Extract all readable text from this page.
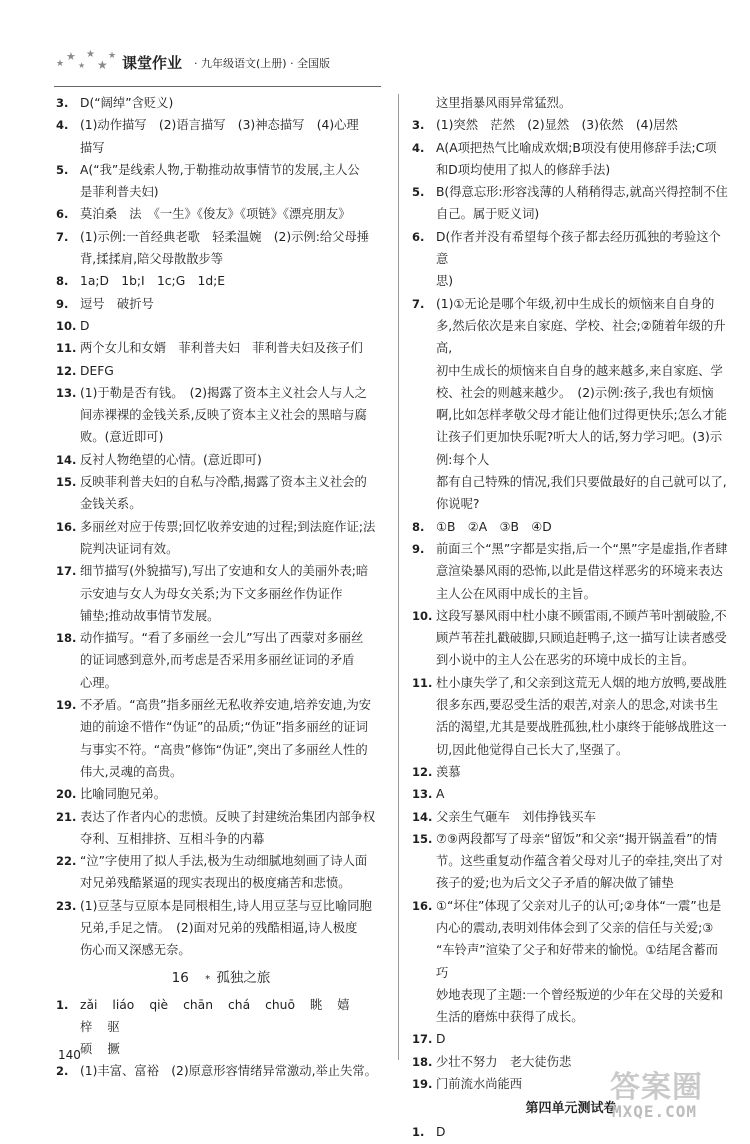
★
★
★
★
★
★ 课堂作业 · 九年级语文(上册) · 全国版
3. D(“阔绰”含贬义)
4. (1)动作描写　(2)语言描写　(3)神态描写　(4)心理
描写
5. A(“我”是线索人物,于勒推动故事情节的发展,主人公
是菲利普夫妇)
6. 莫泊桑　法　《一生》《俊友》《项链》《漂亮朋友》
7. (1)示例:一首经典老歌　轻柔温婉　(2)示例:给父母捶
背,揉揉肩,陪父母散散步等
8. 1a;D　1b;I　1c;G　1d;E
9. 逗号　破折号
10. D
11. 两个女儿和女婿　菲利普夫妇　菲利普夫妇及孩子们
12. DEFG
13. (1)于勒是否有钱。　(2)揭露了资本主义社会人与人之
间赤裸裸的金钱关系,反映了资本主义社会的黑暗与腐
败。(意近即可)
14. 反衬人物绝望的心情。(意近即可)
15. 反映菲利普夫妇的自私与冷酷,揭露了资本主义社会的
金钱关系。
16. 多丽丝对应于传票;回忆收养安迪的过程;到法庭作证;法
院判决证词有效。
17. 细节描写(外貌描写),写出了安迪和女人的美丽外表;暗
示安迪与女人为母女关系;为下文多丽丝作伪证作
铺垫;推动故事情节发展。
18. 动作描写。“看了多丽丝一会儿”写出了西蒙对多丽丝
的证词感到意外,而考虑是否采用多丽丝证词的矛盾
心理。
19. 不矛盾。“高贵”指多丽丝无私收养安迪,培养安迪,为安
迪的前途不惜作“伪证”的品质;“伪证”指多丽丝的证词
与事实不符。“高贵”修饰“伪证”,突出了多丽丝人性的
伟大,灵魂的高贵。
20. 比喻同胞兄弟。
21. 表达了作者内心的悲愤。反映了封建统治集团内部争权
夺利、互相排挤、互相斗争的内幕
22. “泣”字使用了拟人手法,极为生动细腻地刻画了诗人面
对兄弟残酷紧逼的现实表现出的极度痛苦和悲愤。
23. (1)豆茎与豆原本是同根相生,诗人用豆茎与豆比喻同胞
兄弟,手足之情。　(2)面对兄弟的残酷相逼,诗人极度
伤心而又深感无奈。
16 * 孤独之旅
1. zǎi liáo qiè chān chá chuō 眺 嬉梓 驱
硕 撅
2. (1)丰富、富裕　(2)原意形容情绪异常激动,举止失常。
这里指暴风雨异常猛烈。
3. (1)突然　茫然　(2)显然　(3)依然　(4)居然
4. A(A项把热气比喻成欢烟;B项没有使用修辞手法;C项
和D项均使用了拟人的修辞手法)
5. B(得意忘形:形容浅薄的人稍稍得志,就高兴得控制不住
自己。属于贬义词)
6. D(作者并没有希望每个孩子都去经历孤独的考验这个意
思)
7. (1)①无论是哪个年级,初中生成长的烦恼来自自身的
多,然后依次是来自家庭、学校、社会;②随着年级的升高,
初中生成长的烦恼来自自身的越来越多,来自家庭、学
校、社会的则越来越少。　(2)示例:孩子,我也有烦恼
啊,比如怎样孝敬父母才能让他们过得更快乐;怎么才能
让孩子们更加快乐呢?听大人的话,努力学习吧。(3)示例:每个人
都有自己特殊的情况,我们只要做最好的自己就可以了,
你说呢?
8. ①B　②A　③B　④D
9. 前面三个“黑”字都是实指,后一个“黑”字是虚指,作者肆
意渲染暴风雨的恐怖,以此是借这样恶劣的环境来表达
主人公在风雨中成长的主旨。
10. 这段写暴风雨中杜小康不顾雷雨,不顾芦苇叶割破脸,不
顾芦苇茬扎戳破脚,只顾追赶鸭子,这一描写让读者感受
到小说中的主人公在恶劣的环境中成长的主旨。
11. 杜小康失学了,和父亲到这荒无人烟的地方放鸭,要战胜
很多东西,要忍受生活的艰苦,对亲人的思念,对读书生
活的渴望,尤其是要战胜孤独,杜小康终于能够战胜这一
切,因此他觉得自己长大了,坚强了。
12. 羡慕
13. A
14. 父亲生气砸车　刘伟挣钱买车
15. ⑦⑨两段都写了母亲“留饭”和父亲“揭开锅盖看”的情
节。这些重复动作蕴含着父母对儿子的牵挂,突出了对
孩子的爱;也为后文父子矛盾的解决做了铺垫
16. ①“坏住”体现了父亲对儿子的认可;②身体“一震”也是
内心的震动,表明刘伟体会到了父亲的信任与关爱;③
“车铃声”渲染了父子和好带来的愉悦。①结尾含蓄而巧
妙地表现了主题:一个曾经叛逆的少年在父母的关爱和
生活的磨炼中获得了成长。
17. D
18. 少壮不努力　老大徒伤悲
19. 门前流水尚能西
第四单元测试卷
1. D
140
答案圈
MXQE.COM
